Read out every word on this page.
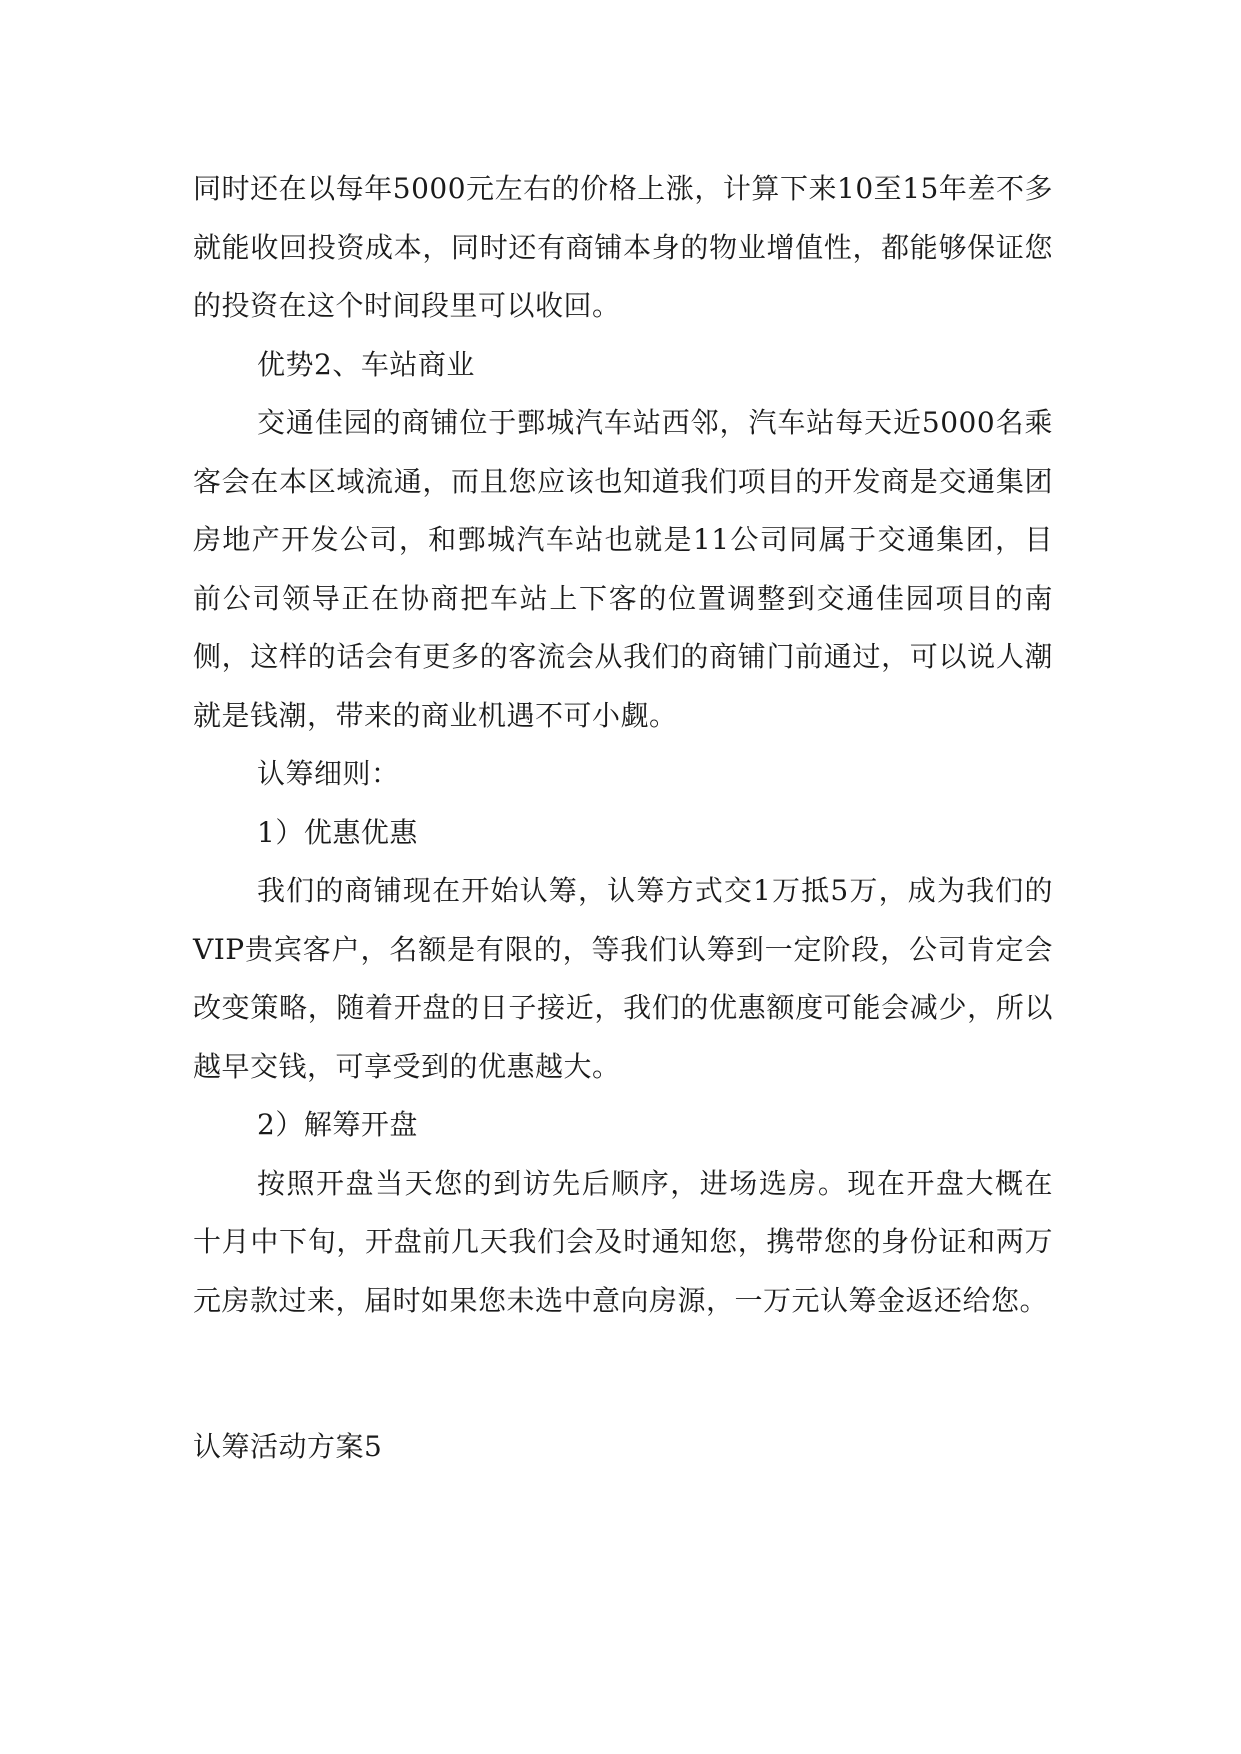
同时还在以每年5000元左右的价格上涨，计算下来10至15年差不多就能收回投资成本，同时还有商铺本身的物业增值性，都能够保证您的投资在这个时间段里可以收回。

优势2、车站商业

交通佳园的商铺位于鄄城汽车站西邻，汽车站每天近5000名乘客会在本区域流通，而且您应该也知道我们项目的开发商是交通集团房地产开发公司，和鄄城汽车站也就是11公司同属于交通集团，目前公司领导正在协商把车站上下客的位置调整到交通佳园项目的南侧，这样的话会有更多的客流会从我们的商铺门前通过，可以说人潮就是钱潮，带来的商业机遇不可小觑。

认筹细则：

1）优惠优惠

我们的商铺现在开始认筹，认筹方式交1万抵5万，成为我们的VIP贵宾客户，名额是有限的，等我们认筹到一定阶段，公司肯定会改变策略，随着开盘的日子接近，我们的优惠额度可能会减少，所以越早交钱，可享受到的优惠越大。

2）解筹开盘

按照开盘当天您的到访先后顺序，进场选房。现在开盘大概在十月中下旬，开盘前几天我们会及时通知您，携带您的身份证和两万元房款过来，届时如果您未选中意向房源，一万元认筹金返还给您。

认筹活动方案5
